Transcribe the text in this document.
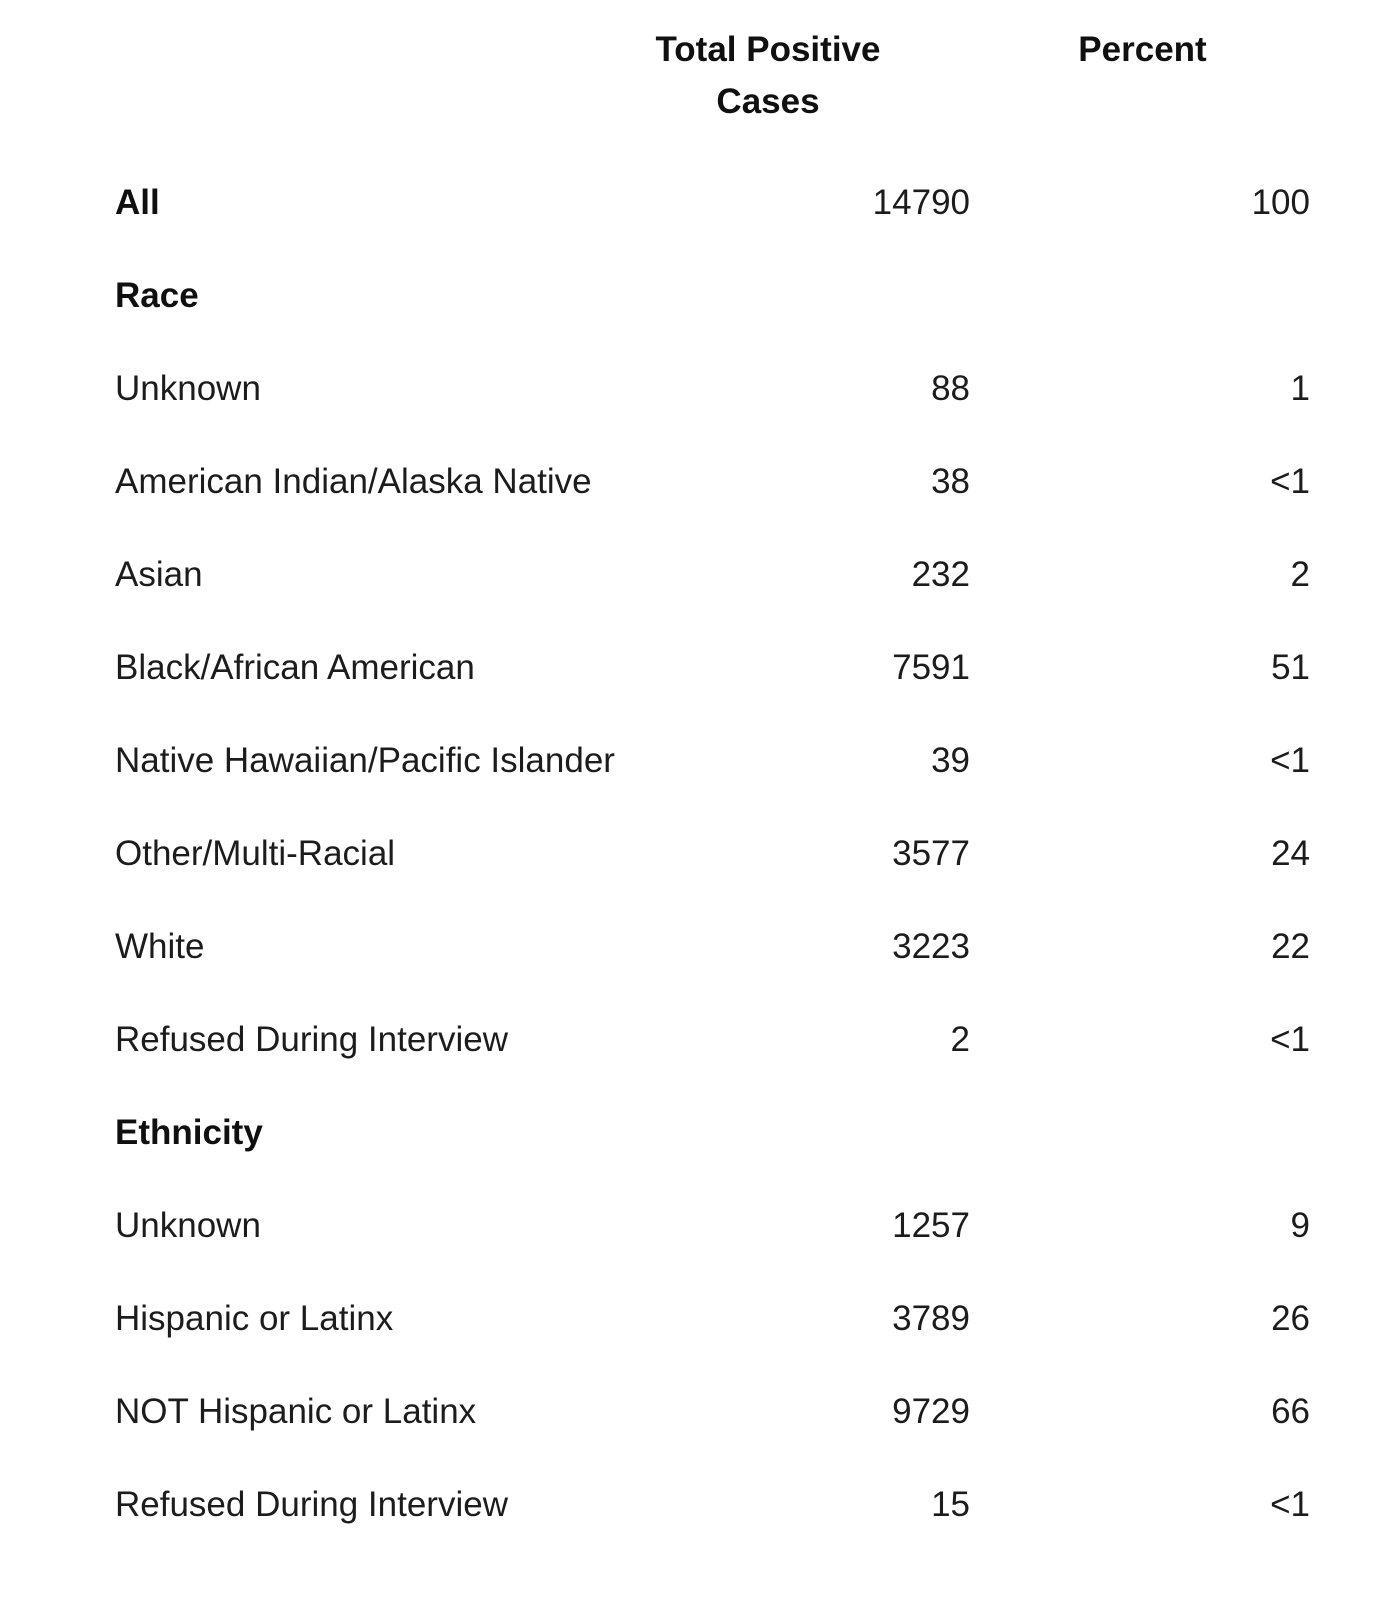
	Total Positive Cases	Percent

All	14790	100
Race		
Unknown	88	1
American Indian/Alaska Native	38	<1
Asian	232	2
Black/African American	7591	51
Native Hawaiian/Pacific Islander	39	<1
Other/Multi-Racial	3577	24
White	3223	22
Refused During Interview	2	<1
Ethnicity		
Unknown	1257	9
Hispanic or Latinx	3789	26
NOT Hispanic or Latinx	9729	66
Refused During Interview	15	<1
